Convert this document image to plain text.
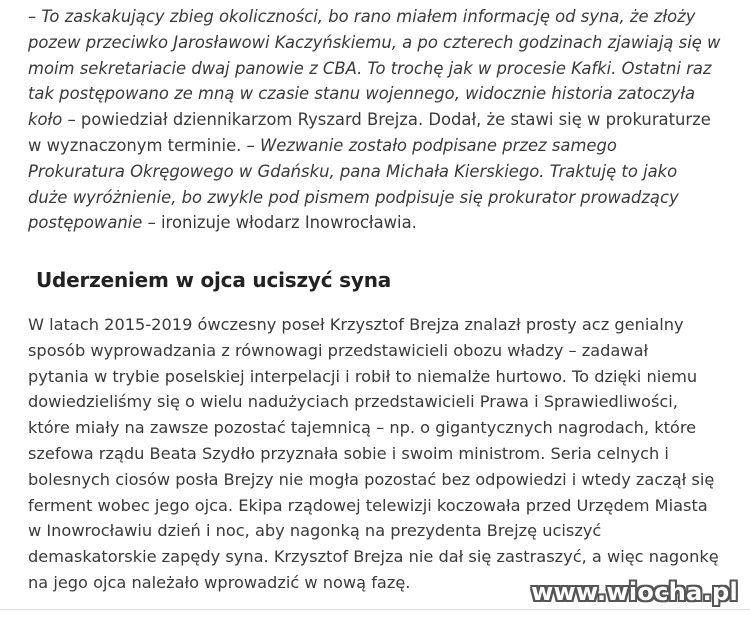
– To zaskakujący zbieg okoliczności, bo rano miałem informację od syna, że złoży
pozew przeciwko Jarosławowi Kaczyńskiemu, a po czterech godzinach zjawiają się w
moim sekretariacie dwaj panowie z CBA. To trochę jak w procesie Kafki. Ostatni raz
tak postępowano ze mną w czasie stanu wojennego, widocznie historia zatoczyła
koło – powiedział dziennikarzom Ryszard Brejza. Dodał, że stawi się w prokuraturze
w wyznaczonym terminie. – Wezwanie zostało podpisane przez samego
Prokuratura Okręgowego w Gdańsku, pana Michała Kierskiego. Traktuję to jako
duże wyróżnienie, bo zwykle pod pismem podpisuje się prokurator prowadzący
postępowanie – ironizuje włodarz Inowrocławia.
Uderzeniem w ojca uciszyć syna
W latach 2015-2019 ówczesny poseł Krzysztof Brejza znalazł prosty acz genialny
sposób wyprowadzania z równowagi przedstawicieli obozu władzy – zadawał
pytania w trybie poselskiej interpelacji i robił to niemalże hurtowo. To dzięki niemu
dowiedzieliśmy się o wielu nadużyciach przedstawicieli Prawa i Sprawiedliwości,
które miały na zawsze pozostać tajemnicą – np. o gigantycznych nagrodach, które
szefowa rządu Beata Szydło przyznała sobie i swoim ministrom. Seria celnych i
bolesnych ciosów posła Brejzy nie mogła pozostać bez odpowiedzi i wtedy zaczął się
ferment wobec jego ojca. Ekipa rządowej telewizji koczowała przed Urzędem Miasta
w Inowrocławiu dzień i noc, aby nagonką na prezydenta Brejzę uciszyć
demaskatorskie zapędy syna. Krzysztof Brejza nie dał się zastraszyć, a więc nagonkę
na jego ojca należało wprowadzić w nową fazę.	www.wiocha.pl
